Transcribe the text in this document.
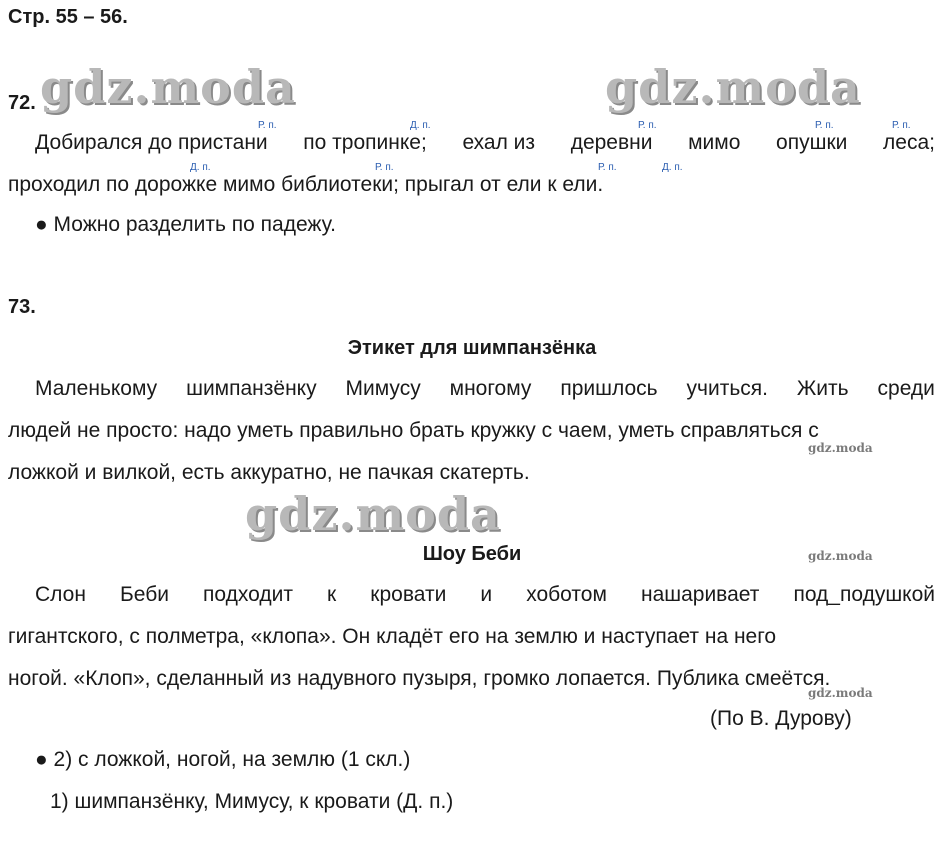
Стр. 55 – 56.
gdz.moda	gdz.moda
gdz.moda
gdz.moda
gdz.moda
gdz.moda
72.
Р. п.	Д. п.	Р. п.	Р. п.	Р. п.
Добирался до пристани по тропинке; ехал из деревни мимо опушки леса;
Д. п.	Р. п.	Р. п.	Д. п.
проходил по дорожке мимо библиотеки; прыгал от ели к ели.
● Можно разделить по падежу.
73.
Этикет для шимпанзёнка
Маленькому шимпанзёнку Мимусу многому пришлось учиться. Жить среди
людей не просто: надо уметь правильно брать кружку с чаем, уметь справляться с
ложкой и вилкой, есть аккуратно, не пачкая скатерть.
Шоу Беби
Слон Беби подходит к кровати и хоботом нашаривает под_подушкой
гигантского, с полметра, «клопа». Он кладёт его на землю и наступает на него
ногой. «Клоп», сделанный из надувного пузыря, громко лопается. Публика смеётся.
(По В. Дурову)
● 2) с ложкой, ногой, на землю (1 скл.)
1) шимпанзёнку, Мимусу, к кровати (Д. п.)
